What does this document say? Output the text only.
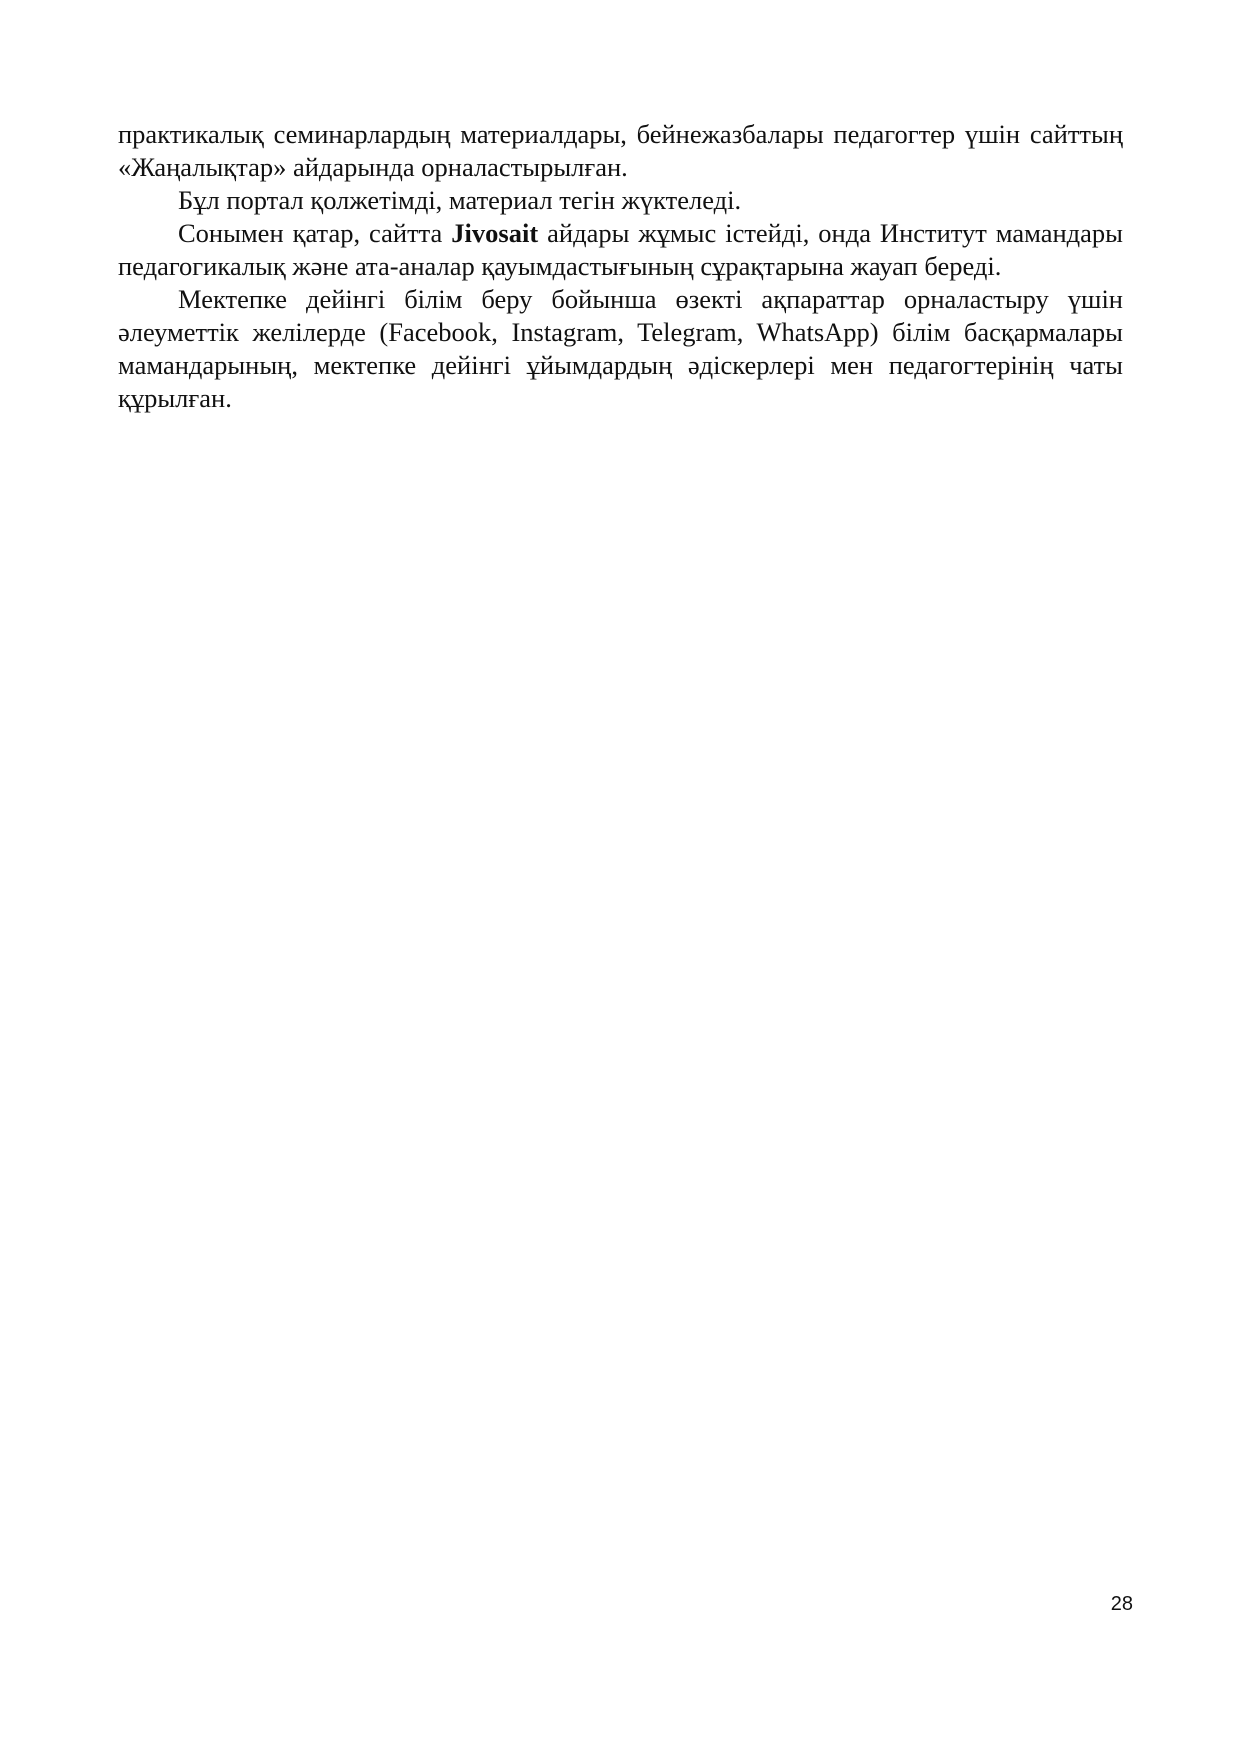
практикалық семинарлардың материалдары, бейнежазбалары педагогтер үшін сайттың «Жаңалықтар» айдарында орналастырылған.

Бұл портал қолжетімді, материал тегін жүктеледі.

Сонымен қатар, сайтта Jivosait айдары жұмыс істейді, онда Институт мамандары педагогикалық және ата-аналар қауымдастығының сұрақтарына жауап береді.

Мектепке дейінгі білім беру бойынша өзекті ақпараттар орналастыру үшін әлеуметтік желілерде (Facebook, Instagram, Telegram, WhatsApp) білім басқармалары мамандарының, мектепке дейінгі ұйымдардың әдіскерлері мен педагогтерінің чаты құрылған.

28
